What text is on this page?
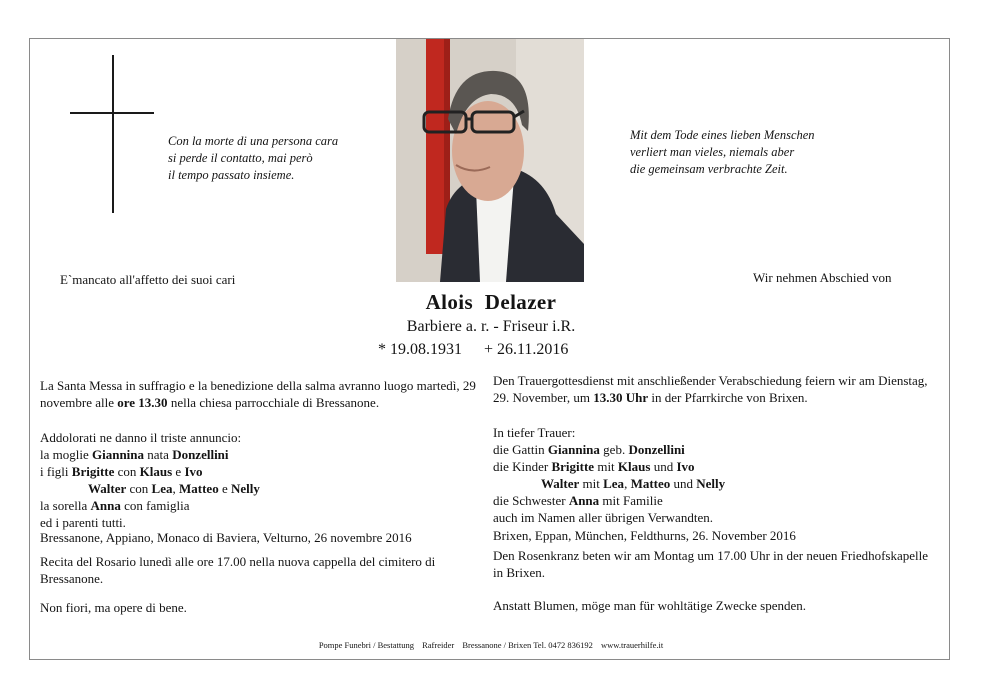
Con la morte di una persona cara
si perde il contatto, mai però
il tempo passato insieme.
Mit dem Tode eines lieben Menschen
verliert man vieles, niemals aber
die gemeinsam verbrachte Zeit.
E`mancato all'affetto dei suoi cari	Wir nehmen Abschied von
Alois Delazer
Barbiere a. r. - Friseur i.R.
* 19.08.1931 + 26.11.2016
La Santa Messa in suffragio e la benedizione della salma avranno luogo martedì, 29 novembre alle ore 13.30 nella chiesa parrocchiale di Bressanone.

Addolorati ne danno il triste annuncio:

la moglie Giannina nata Donzellini

i figli Brigitte con Klaus e Ivo

Walter con Lea, Matteo e Nelly

la sorella Anna con famiglia

ed i parenti tutti.

Bressanone, Appiano, Monaco di Baviera, Velturno, 26 novembre 2016
Recita del Rosario lunedì alle ore 17.00 nella nuova cappella del cimitero di Bressanone.
Non fiori, ma opere di bene.
Den Trauergottesdienst mit anschließender Verabschiedung feiern wir am Dienstag, 29. November, um 13.30 Uhr in der Pfarrkirche von Brixen.

In tiefer Trauer:

die Gattin Giannina geb. Donzellini

die Kinder Brigitte mit Klaus und Ivo

Walter mit Lea, Matteo und Nelly

die Schwester Anna mit Familie

auch im Namen aller übrigen Verwandten.

Brixen, Eppan, München, Feldthurns, 26. November 2016
Den Rosenkranz beten wir am Montag um 17.00 Uhr in der neuen Friedhofskapelle in Brixen.
Anstatt Blumen, möge man für wohltätige Zwecke spenden.
Pompe Funebri / Bestattung Rafreider Bressanone / Brixen Tel. 0472 836192 www.trauerhilfe.it
